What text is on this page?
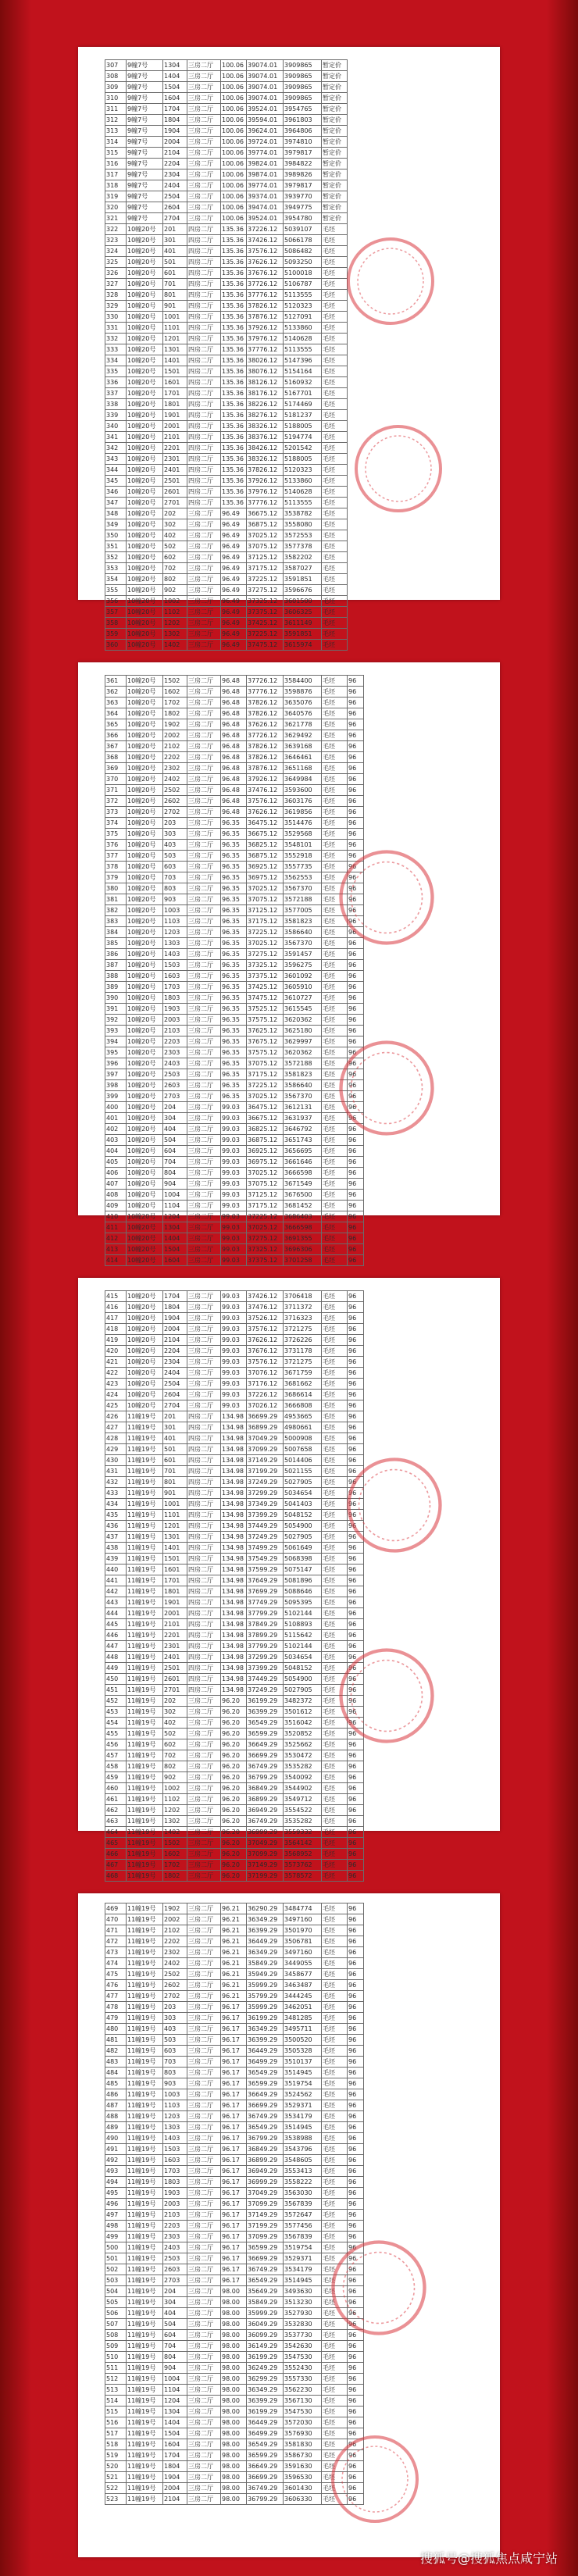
307	9幢7号	1304	三房二厅	100.06	39074.01	3909865	暂定价
308	9幢7号	1404	三房二厅	100.06	39074.01	3909865	暂定价
309	9幢7号	1504	三房二厅	100.06	39074.01	3909865	暂定价
310	9幢7号	1604	三房二厅	100.06	39074.01	3909865	暂定价
311	9幢7号	1704	三房二厅	100.06	39524.01	3954765	暂定价
312	9幢7号	1804	三房二厅	100.06	39594.01	3961803	暂定价
313	9幢7号	1904	三房二厅	100.06	39624.01	3964806	暂定价
314	9幢7号	2004	三房二厅	100.06	39724.01	3974810	暂定价
315	9幢7号	2104	三房二厅	100.06	39774.01	3979817	暂定价
316	9幢7号	2204	三房二厅	100.06	39824.01	3984822	暂定价
317	9幢7号	2304	三房二厅	100.06	39874.01	3989826	暂定价
318	9幢7号	2404	三房二厅	100.06	39774.01	3979817	暂定价
319	9幢7号	2504	三房二厅	100.06	39374.01	3939770	暂定价
320	9幢7号	2604	三房二厅	100.06	39474.01	3949775	暂定价
321	9幢7号	2704	三房二厅	100.06	39524.01	3954780	暂定价
322	10幢20号	201	四房二厅	135.36	37226.12	5039107	毛坯
323	10幢20号	301	四房二厅	135.36	37426.12	5066178	毛坯
324	10幢20号	401	四房二厅	135.36	37576.12	5086482	毛坯
325	10幢20号	501	四房二厅	135.36	37626.12	5093250	毛坯
326	10幢20号	601	四房二厅	135.36	37676.12	5100018	毛坯
327	10幢20号	701	四房二厅	135.36	37726.12	5106787	毛坯
328	10幢20号	801	四房二厅	135.36	37776.12	5113555	毛坯
329	10幢20号	901	四房二厅	135.36	37826.12	5120323	毛坯
330	10幢20号	1001	四房二厅	135.36	37876.12	5127091	毛坯
331	10幢20号	1101	四房二厅	135.36	37926.12	5133860	毛坯
332	10幢20号	1201	四房二厅	135.36	37976.12	5140628	毛坯
333	10幢20号	1301	四房二厅	135.36	37776.12	5113555	毛坯
334	10幢20号	1401	四房二厅	135.36	38026.12	5147396	毛坯
335	10幢20号	1501	四房二厅	135.36	38076.12	5154164	毛坯
336	10幢20号	1601	四房二厅	135.36	38126.12	5160932	毛坯
337	10幢20号	1701	四房二厅	135.36	38176.12	5167701	毛坯
338	10幢20号	1801	四房二厅	135.36	38226.12	5174469	毛坯
339	10幢20号	1901	四房二厅	135.36	38276.12	5181237	毛坯
340	10幢20号	2001	四房二厅	135.36	38326.12	5188005	毛坯
341	10幢20号	2101	四房二厅	135.36	38376.12	5194774	毛坯
342	10幢20号	2201	四房二厅	135.36	38426.12	5201542	毛坯
343	10幢20号	2301	四房二厅	135.36	38326.12	5188005	毛坯
344	10幢20号	2401	四房二厅	135.36	37826.12	5120323	毛坯
345	10幢20号	2501	四房二厅	135.36	37926.12	5133860	毛坯
346	10幢20号	2601	四房二厅	135.36	37976.12	5140628	毛坯
347	10幢20号	2701	四房二厅	135.36	37776.12	5113555	毛坯
348	10幢20号	202	三房二厅	96.49	36675.12	3538782	毛坯
349	10幢20号	302	三房二厅	96.49	36875.12	3558080	毛坯
350	10幢20号	402	三房二厅	96.49	37025.12	3572553	毛坯
351	10幢20号	502	三房二厅	96.49	37075.12	3577378	毛坯
352	10幢20号	602	三房二厅	96.49	37125.12	3582202	毛坯
353	10幢20号	702	三房二厅	96.49	37175.12	3587027	毛坯
354	10幢20号	802	三房二厅	96.49	37225.12	3591851	毛坯
355	10幢20号	902	三房二厅	96.49	37275.12	3596676	毛坯
356	10幢20号	1002	三房二厅	96.49	37325.12	3601500	毛坯
357	10幢20号	1102	三房二厅	96.49	37375.12	3606325	毛坯
358	10幢20号	1202	三房二厅	96.49	37425.12	3611149	毛坯
359	10幢20号	1302	三房二厅	96.49	37225.12	3591851	毛坯
360	10幢20号	1402	三房二厅	96.49	37475.12	3615974	毛坯
361	10幢20号	1502	三房二厅	96.48	37726.12	3584400	毛坯	96
362	10幢20号	1602	三房二厅	96.48	37776.12	3598876	毛坯	96
363	10幢20号	1702	三房二厅	96.48	37826.12	3635076	毛坯	96
364	10幢20号	1802	三房二厅	96.48	37826.12	3640576	毛坯	96
365	10幢20号	1902	三房二厅	96.48	37626.12	3621778	毛坯	96
366	10幢20号	2002	三房二厅	96.48	37726.12	3629492	毛坯	96
367	10幢20号	2102	三房二厅	96.48	37826.12	3639168	毛坯	96
368	10幢20号	2202	三房二厅	96.48	37826.12	3646461	毛坯	96
369	10幢20号	2302	三房二厅	96.48	37876.12	3651168	毛坯	96
370	10幢20号	2402	三房二厅	96.48	37926.12	3649984	毛坯	96
371	10幢20号	2502	三房二厅	96.48	37476.12	3593600	毛坯	96
372	10幢20号	2602	三房二厅	96.48	37576.12	3603176	毛坯	96
373	10幢20号	2702	三房二厅	96.48	37626.12	3619856	毛坯	96
374	10幢20号	203	三房二厅	96.35	36475.12	3514476	毛坯	96
375	10幢20号	303	三房二厅	96.35	36675.12	3529568	毛坯	96
376	10幢20号	403	三房二厅	96.35	36825.12	3548101	毛坯	96
377	10幢20号	503	三房二厅	96.35	36875.12	3552918	毛坯	96
378	10幢20号	603	三房二厅	96.35	36925.12	3557735	毛坯	96
379	10幢20号	703	三房二厅	96.35	36975.12	3562553	毛坯	96
380	10幢20号	803	三房二厅	96.35	37025.12	3567370	毛坯	96
381	10幢20号	903	三房二厅	96.35	37075.12	3572188	毛坯	96
382	10幢20号	1003	三房二厅	96.35	37125.12	3577005	毛坯	96
383	10幢20号	1103	三房二厅	96.35	37175.12	3581823	毛坯	96
384	10幢20号	1203	三房二厅	96.35	37225.12	3586640	毛坯	96
385	10幢20号	1303	三房二厅	96.35	37025.12	3567370	毛坯	96
386	10幢20号	1403	三房二厅	96.35	37275.12	3591457	毛坯	96
387	10幢20号	1503	三房二厅	96.35	37325.12	3596275	毛坯	96
388	10幢20号	1603	三房二厅	96.35	37375.12	3601092	毛坯	96
389	10幢20号	1703	三房二厅	96.35	37425.12	3605910	毛坯	96
390	10幢20号	1803	三房二厅	96.35	37475.12	3610727	毛坯	96
391	10幢20号	1903	三房二厅	96.35	37525.12	3615545	毛坯	96
392	10幢20号	2003	三房二厅	96.35	37575.12	3620362	毛坯	96
393	10幢20号	2103	三房二厅	96.35	37625.12	3625180	毛坯	96
394	10幢20号	2203	三房二厅	96.35	37675.12	3629997	毛坯	96
395	10幢20号	2303	三房二厅	96.35	37575.12	3620362	毛坯	96
396	10幢20号	2403	三房二厅	96.35	37075.12	3572188	毛坯	96
397	10幢20号	2503	三房二厅	96.35	37175.12	3581823	毛坯	96
398	10幢20号	2603	三房二厅	96.35	37225.12	3586640	毛坯	96
399	10幢20号	2703	三房二厅	96.35	37025.12	3567370	毛坯	96
400	10幢20号	204	三房二厅	99.03	36475.12	3612131	毛坯	96
401	10幢20号	304	三房二厅	99.03	36675.12	3631937	毛坯	96
402	10幢20号	404	三房二厅	99.03	36825.12	3646792	毛坯	96
403	10幢20号	504	三房二厅	99.03	36875.12	3651743	毛坯	96
404	10幢20号	604	三房二厅	99.03	36925.12	3656695	毛坯	96
405	10幢20号	704	三房二厅	99.03	36975.12	3661646	毛坯	96
406	10幢20号	804	三房二厅	99.03	37025.12	3666598	毛坯	96
407	10幢20号	904	三房二厅	99.03	37075.12	3671549	毛坯	96
408	10幢20号	1004	三房二厅	99.03	37125.12	3676500	毛坯	96
409	10幢20号	1104	三房二厅	99.03	37175.12	3681452	毛坯	96
410	10幢20号	1204	三房二厅	99.03	37225.12	3686403	毛坯	96
411	10幢20号	1304	三房二厅	99.03	37025.12	3666598	毛坯	96
412	10幢20号	1404	三房二厅	99.03	37275.12	3691355	毛坯	96
413	10幢20号	1504	三房二厅	99.03	37325.12	3696306	毛坯	96
414	10幢20号	1604	三房二厅	99.03	37375.12	3701258	毛坯	96
415	10幢20号	1704	三房二厅	99.03	37426.12	3706418	毛坯	96
416	10幢20号	1804	三房二厅	99.03	37476.12	3711372	毛坯	96
417	10幢20号	1904	三房二厅	99.03	37526.12	3716323	毛坯	96
418	10幢20号	2004	三房二厅	99.03	37576.12	3721275	毛坯	96
419	10幢20号	2104	三房二厅	99.03	37626.12	3726226	毛坯	96
420	10幢20号	2204	三房二厅	99.03	37676.12	3731178	毛坯	96
421	10幢20号	2304	三房二厅	99.03	37576.12	3721275	毛坯	96
422	10幢20号	2404	三房二厅	99.03	37076.12	3671759	毛坯	96
423	10幢20号	2504	三房二厅	99.03	37176.12	3681662	毛坯	96
424	10幢20号	2604	三房二厅	99.03	37226.12	3686614	毛坯	96
425	10幢20号	2704	三房二厅	99.03	37026.12	3666808	毛坯	96
426	11幢19号	201	四房二厅	134.98	36699.29	4953665	毛坯	96
427	11幢19号	301	四房二厅	134.98	36899.29	4980661	毛坯	96
428	11幢19号	401	四房二厅	134.98	37049.29	5000908	毛坯	96
429	11幢19号	501	四房二厅	134.98	37099.29	5007658	毛坯	96
430	11幢19号	601	四房二厅	134.98	37149.29	5014406	毛坯	96
431	11幢19号	701	四房二厅	134.98	37199.29	5021155	毛坯	96
432	11幢19号	801	四房二厅	134.98	37249.29	5027905	毛坯	96
433	11幢19号	901	四房二厅	134.98	37299.29	5034654	毛坯	96
434	11幢19号	1001	四房二厅	134.98	37349.29	5041403	毛坯	96
435	11幢19号	1101	四房二厅	134.98	37399.29	5048152	毛坯	96
436	11幢19号	1201	四房二厅	134.98	37449.29	5054900	毛坯	96
437	11幢19号	1301	四房二厅	134.98	37249.29	5027905	毛坯	96
438	11幢19号	1401	四房二厅	134.98	37499.29	5061649	毛坯	96
439	11幢19号	1501	四房二厅	134.98	37549.29	5068398	毛坯	96
440	11幢19号	1601	四房二厅	134.98	37599.29	5075147	毛坯	96
441	11幢19号	1701	四房二厅	134.98	37649.29	5081896	毛坯	96
442	11幢19号	1801	四房二厅	134.98	37699.29	5088646	毛坯	96
443	11幢19号	1901	四房二厅	134.98	37749.29	5095395	毛坯	96
444	11幢19号	2001	四房二厅	134.98	37799.29	5102144	毛坯	96
445	11幢19号	2101	四房二厅	134.98	37849.29	5108893	毛坯	96
446	11幢19号	2201	四房二厅	134.98	37899.29	5115642	毛坯	96
447	11幢19号	2301	四房二厅	134.98	37799.29	5102144	毛坯	96
448	11幢19号	2401	四房二厅	134.98	37299.29	5034654	毛坯	96
449	11幢19号	2501	四房二厅	134.98	37399.29	5048152	毛坯	96
450	11幢19号	2601	四房二厅	134.98	37449.29	5054900	毛坯	96
451	11幢19号	2701	四房二厅	134.98	37249.29	5027905	毛坯	96
452	11幢19号	202	三房二厅	96.20	36199.29	3482372	毛坯	96
453	11幢19号	302	三房二厅	96.20	36399.29	3501612	毛坯	96
454	11幢19号	402	三房二厅	96.20	36549.29	3516042	毛坯	96
455	11幢19号	502	三房二厅	96.20	36599.29	3520852	毛坯	96
456	11幢19号	602	三房二厅	96.20	36649.29	3525662	毛坯	96
457	11幢19号	702	三房二厅	96.20	36699.29	3530472	毛坯	96
458	11幢19号	802	三房二厅	96.20	36749.29	3535282	毛坯	96
459	11幢19号	902	三房二厅	96.20	36799.29	3540092	毛坯	96
460	11幢19号	1002	三房二厅	96.20	36849.29	3544902	毛坯	96
461	11幢19号	1102	三房二厅	96.20	36899.29	3549712	毛坯	96
462	11幢19号	1202	三房二厅	96.20	36949.29	3554522	毛坯	96
463	11幢19号	1302	三房二厅	96.20	36749.29	3535282	毛坯	96
464	11幢19号	1402	三房二厅	96.20	36999.29	3559332	毛坯	96
465	11幢19号	1502	三房二厅	96.20	37049.29	3564142	毛坯	96
466	11幢19号	1602	三房二厅	96.20	37099.29	3568952	毛坯	96
467	11幢19号	1702	三房二厅	96.20	37149.29	3573762	毛坯	96
468	11幢19号	1802	三房二厅	96.20	37199.29	3578572	毛坯	96
469	11幢19号	1902	三房二厅	96.21	36290.29	3484774	毛坯	96
470	11幢19号	2002	三房二厅	96.21	36349.29	3497160	毛坯	96
471	11幢19号	2102	三房二厅	96.21	36399.29	3501970	毛坯	96
472	11幢19号	2202	三房二厅	96.21	36449.29	3506781	毛坯	96
473	11幢19号	2302	三房二厅	96.21	36349.29	3497160	毛坯	96
474	11幢19号	2402	三房二厅	96.21	35849.29	3449055	毛坯	96
475	11幢19号	2502	三房二厅	96.21	35949.29	3458677	毛坯	96
476	11幢19号	2602	三房二厅	96.21	35999.29	3463487	毛坯	96
477	11幢19号	2702	三房二厅	96.21	35799.29	3444245	毛坯	96
478	11幢19号	203	三房二厅	96.17	35999.29	3462051	毛坯	96
479	11幢19号	303	三房二厅	96.17	36199.29	3481285	毛坯	96
480	11幢19号	403	三房二厅	96.17	36349.29	3495711	毛坯	96
481	11幢19号	503	三房二厅	96.17	36399.29	3500520	毛坯	96
482	11幢19号	603	三房二厅	96.17	36449.29	3505328	毛坯	96
483	11幢19号	703	三房二厅	96.17	36499.29	3510137	毛坯	96
484	11幢19号	803	三房二厅	96.17	36549.29	3514945	毛坯	96
485	11幢19号	903	三房二厅	96.17	36599.29	3519754	毛坯	96
486	11幢19号	1003	三房二厅	96.17	36649.29	3524562	毛坯	96
487	11幢19号	1103	三房二厅	96.17	36699.29	3529371	毛坯	96
488	11幢19号	1203	三房二厅	96.17	36749.29	3534179	毛坯	96
489	11幢19号	1303	三房二厅	96.17	36549.29	3514945	毛坯	96
490	11幢19号	1403	三房二厅	96.17	36799.29	3538988	毛坯	96
491	11幢19号	1503	三房二厅	96.17	36849.29	3543796	毛坯	96
492	11幢19号	1603	三房二厅	96.17	36899.29	3548605	毛坯	96
493	11幢19号	1703	三房二厅	96.17	36949.29	3553413	毛坯	96
494	11幢19号	1803	三房二厅	96.17	36999.29	3558222	毛坯	96
495	11幢19号	1903	三房二厅	96.17	37049.29	3563030	毛坯	96
496	11幢19号	2003	三房二厅	96.17	37099.29	3567839	毛坯	96
497	11幢19号	2103	三房二厅	96.17	37149.29	3572647	毛坯	96
498	11幢19号	2203	三房二厅	96.17	37199.29	3577456	毛坯	96
499	11幢19号	2303	三房二厅	96.17	37099.29	3567839	毛坯	96
500	11幢19号	2403	三房二厅	96.17	36599.29	3519754	毛坯	96
501	11幢19号	2503	三房二厅	96.17	36699.29	3529371	毛坯	96
502	11幢19号	2603	三房二厅	96.17	36749.29	3534179	毛坯	96
503	11幢19号	2703	三房二厅	96.17	36549.29	3514945	毛坯	96
504	11幢19号	204	三房二厅	98.00	35649.29	3493630	毛坯	96
505	11幢19号	304	三房二厅	98.00	35849.29	3513230	毛坯	96
506	11幢19号	404	三房二厅	98.00	35999.29	3527930	毛坯	96
507	11幢19号	504	三房二厅	98.00	36049.29	3532830	毛坯	96
508	11幢19号	604	三房二厅	98.00	36099.29	3537730	毛坯	96
509	11幢19号	704	三房二厅	98.00	36149.29	3542630	毛坯	96
510	11幢19号	804	三房二厅	98.00	36199.29	3547530	毛坯	96
511	11幢19号	904	三房二厅	98.00	36249.29	3552430	毛坯	96
512	11幢19号	1004	三房二厅	98.00	36299.29	3557330	毛坯	96
513	11幢19号	1104	三房二厅	98.00	36349.29	3562230	毛坯	96
514	11幢19号	1204	三房二厅	98.00	36399.29	3567130	毛坯	96
515	11幢19号	1304	三房二厅	98.00	36199.29	3547530	毛坯	96
516	11幢19号	1404	三房二厅	98.00	36449.29	3572030	毛坯	96
517	11幢19号	1504	三房二厅	98.00	36499.29	3576930	毛坯	96
518	11幢19号	1604	三房二厅	98.00	36549.29	3581830	毛坯	96
519	11幢19号	1704	三房二厅	98.00	36599.29	3586730	毛坯	96
520	11幢19号	1804	三房二厅	98.00	36649.29	3591630	毛坯	96
521	11幢19号	1904	三房二厅	98.00	36699.29	3596530	毛坯	96
522	11幢19号	2004	三房二厅	98.00	36749.29	3601430	毛坯	96
523	11幢19号	2104	三房二厅	98.00	36799.29	3606330	毛坯	96
搜狐号@搜狐焦点咸宁站
